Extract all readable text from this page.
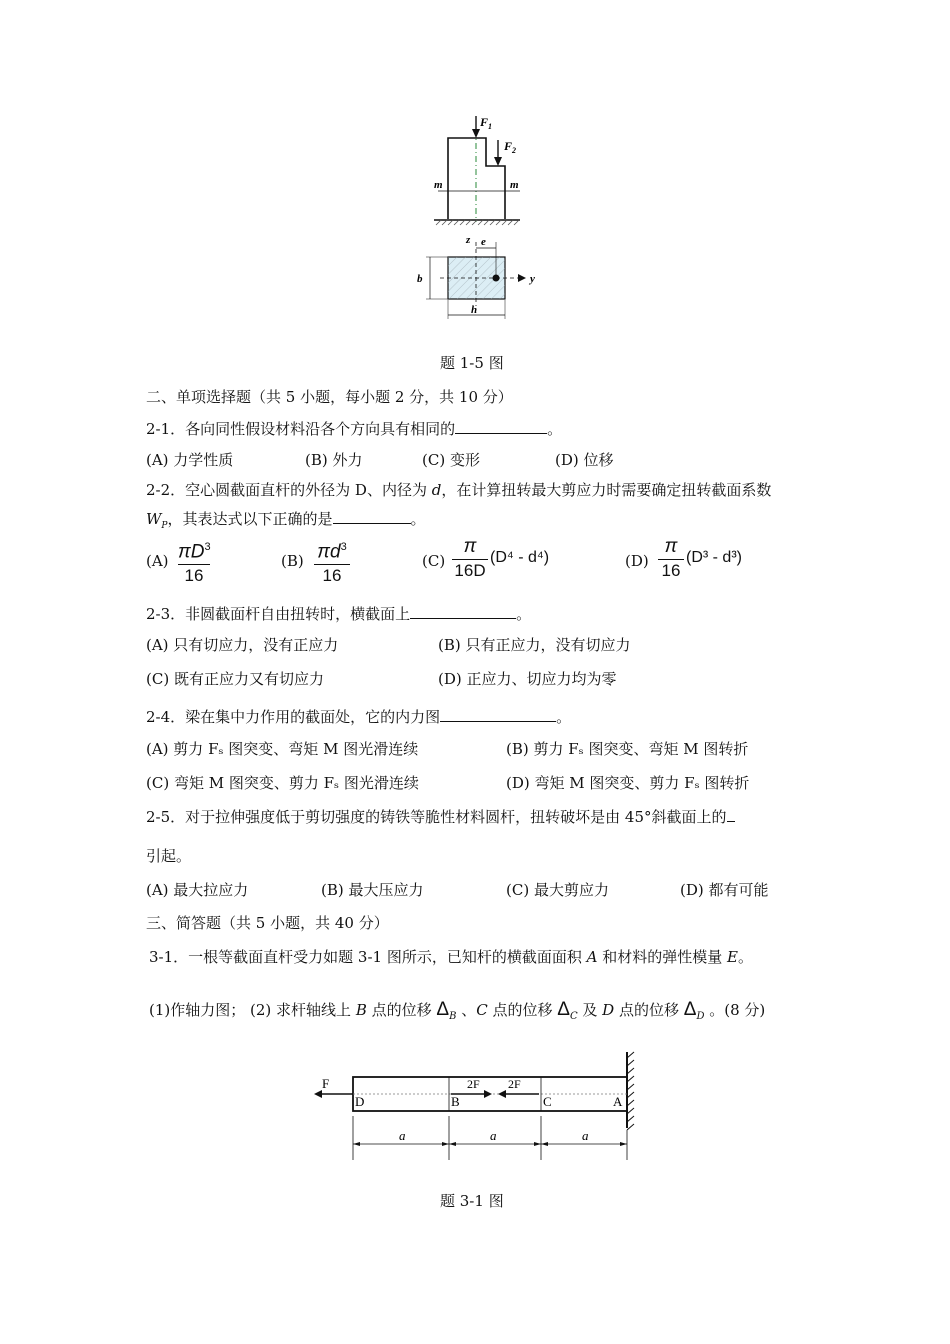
$F_1$
$F_2$
m	m
z
y
e
b
h
题 1-5 图
二、单项选择题（共 5 小题，每小题 2 分，共 10 分）
2-1．各向同性假设材料沿各个方向具有相同的	。
(A) 力学性质	(B) 外力	(C) 变形	(D) 位移
2-2．空心圆截面直杆的外径为 D、内径为 d，在计算扭转最大剪应力时需要确定扭转截面系数
$W_P$，其表达式以下正确的是	。
(A) $\pi D^3$
16
(B) $\pi d^3$
16
(C)
π
16D
(D⁴ - d⁴)	(D)
π
16
(D³ - d³)
2-3．非圆截面杆自由扭转时，横截面上	。
(A) 只有切应力，没有正应力	(B) 只有正应力，没有切应力
(C) 既有正应力又有切应力	(D) 正应力、切应力均为零
2-4．梁在集中力作用的截面处，它的内力图	。
(A) 剪力 Fₛ 图突变、弯矩 M 图光滑连续	(B) 剪力 Fₛ 图突变、弯矩 M 图转折
(C) 弯矩 M 图突变、剪力 Fₛ 图光滑连续	(D) 弯矩 M 图突变、剪力 Fₛ 图转折
2-5．对于拉伸强度低于剪切强度的铸铁等脆性材料圆杆，扭转破坏是由 45°斜截面上的
引起。
(A) 最大拉应力	(B) 最大压应力	(C) 最大剪应力	(D) 都有可能
三、简答题（共 5 小题，共 40 分）
3-1．一根等截面直杆受力如题 3-1 图所示，已知杆的横截面面积 A 和材料的弹性模量 E。
(1)作轴力图； (2) 求杆轴线上 B 点的位移 $\Delta_B$ 、C 点的位移 $\Delta_C$ 及 D 点的位移 $\Delta_D$ 。(8 分)
F	2F 2F
D	B	C	A
a	a	a
题 3-1 图
